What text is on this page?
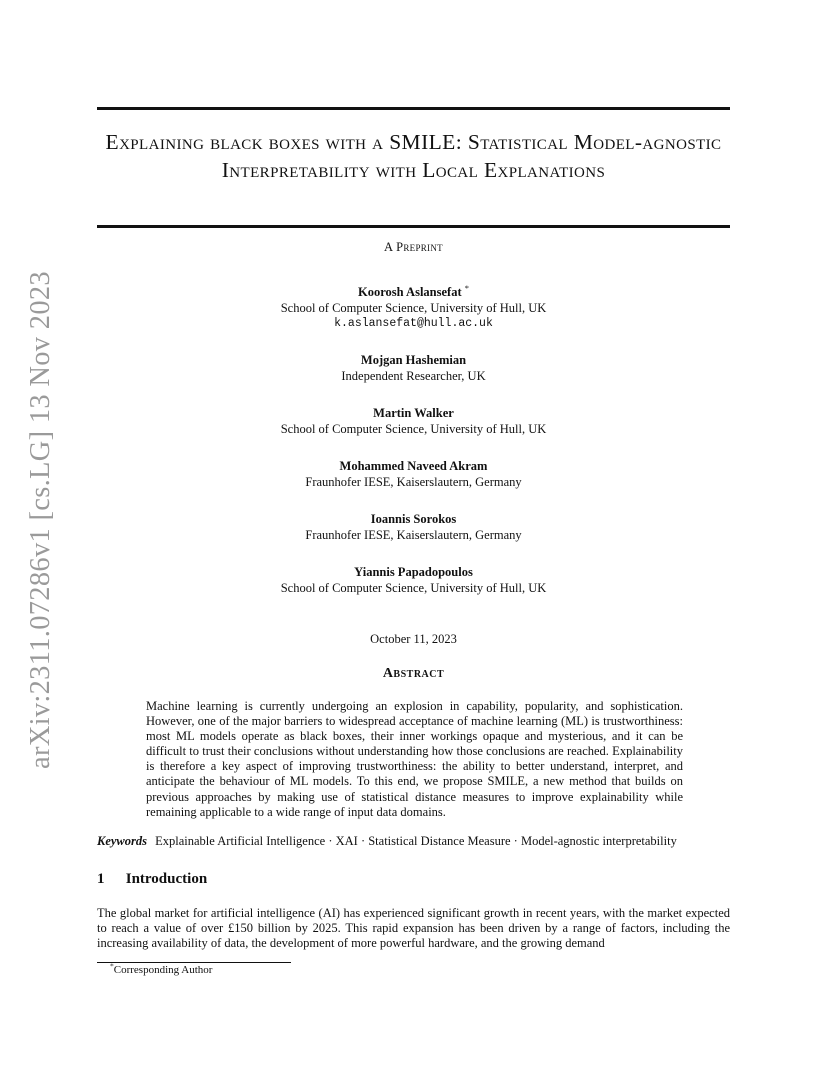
arXiv:2311.07286v1 [cs.LG] 13 Nov 2023
Explaining black boxes with a SMILE: Statistical Model-agnostic Interpretability with Local Explanations
A Preprint
Koorosh Aslansefat *
School of Computer Science, University of Hull, UK
k.aslansefat@hull.ac.uk
Mojgan Hashemian
Independent Researcher, UK
Martin Walker
School of Computer Science, University of Hull, UK
Mohammed Naveed Akram
Fraunhofer IESE, Kaiserslautern, Germany
Ioannis Sorokos
Fraunhofer IESE, Kaiserslautern, Germany
Yiannis Papadopoulos
School of Computer Science, University of Hull, UK
October 11, 2023
Abstract

Machine learning is currently undergoing an explosion in capability, popularity, and sophistication. However, one of the major barriers to widespread acceptance of machine learning (ML) is trustworthiness: most ML models operate as black boxes, their inner workings opaque and mysterious, and it can be difficult to trust their conclusions without understanding how those conclusions are reached. Explainability is therefore a key aspect of improving trustworthiness: the ability to better understand, interpret, and anticipate the behaviour of ML models. To this end, we propose SMILE, a new method that builds on previous approaches by making use of statistical distance measures to improve explainability while remaining applicable to a wide range of input data domains.

Keywords Explainable Artificial Intelligence · XAI · Statistical Distance Measure · Model-agnostic interpretability

1 Introduction

The global market for artificial intelligence (AI) has experienced significant growth in recent years, with the market expected to reach a value of over £150 billion by 2025. This rapid expansion has been driven by a range of factors, including the increasing availability of data, the development of more powerful hardware, and the growing demand

*Corresponding Author
